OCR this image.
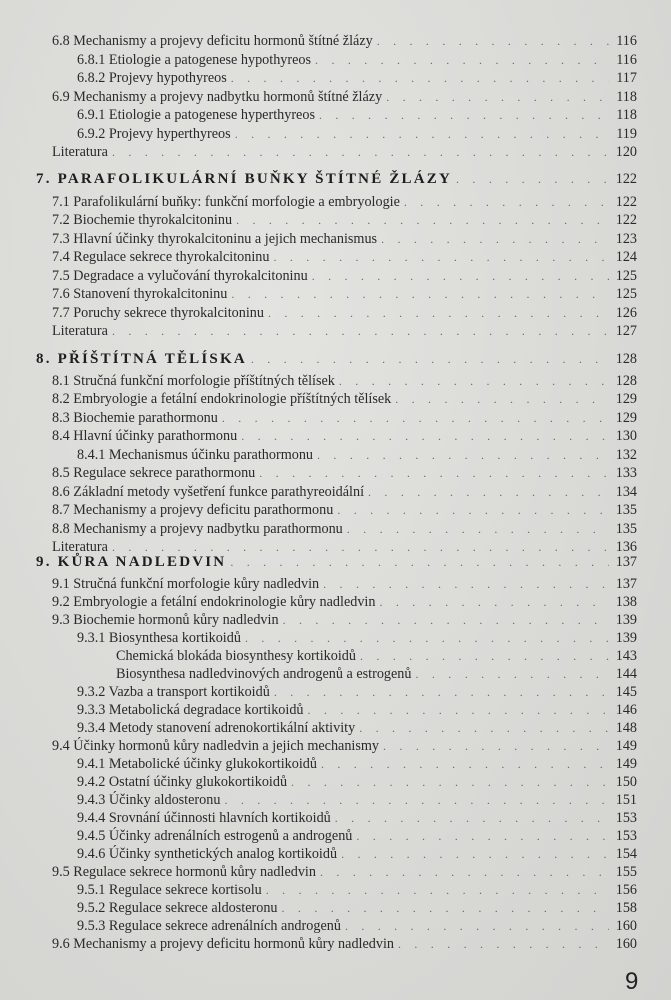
6.8 Mechanismy a projevy deficitu hormonů štítné žlázy . . .	116
6.8.1 Etiologie a patogenese hypothyreos . . .	116
6.8.2 Projevy hypothyreos . . .	117
6.9 Mechanismy a projevy nadbytku hormonů štítné žlázy . . .	118
6.9.1 Etiologie a patogenese hyperthyreos . . .	118
6.9.2 Projevy hyperthyreos . . .	119
Literatura . . .	120
7. PARAFOLIKULÁRNÍ BUŇKY ŠTÍTNÉ ŽLÁZY . . .	122
7.1 Parafolikulární buňky: funkční morfologie a embryologie . . .	122
7.2 Biochemie thyrokalcitoninu . . .	122
7.3 Hlavní účinky thyrokalcitoninu a jejich mechanismus . . .	123
7.4 Regulace sekrece thyrokalcitoninu . . .	124
7.5 Degradace a vylučování thyrokalcitoninu . . .	125
7.6 Stanovení thyrokalcitoninu . . .	125
7.7 Poruchy sekrece thyrokalcitoninu . . .	126
Literatura . . .	127
8. PŘÍŠTÍTNÁ TĚLÍSKA . . .	128
8.1 Stručná funkční morfologie příštítných tělísek . . .	128
8.2 Embryologie a fetální endokrinologie příštítných tělísek . . .	129
8.3 Biochemie parathormonu . . .	129
8.4 Hlavní účinky parathormonu . . .	130
8.4.1 Mechanismus účinku parathormonu . . .	132
8.5 Regulace sekrece parathormonu . . .	133
8.6 Základní metody vyšetření funkce parathyreoidální . . .	134
8.7 Mechanismy a projevy deficitu parathormonu . . .	135
8.8 Mechanismy a projevy nadbytku parathormonu . . .	135
Literatura . . .	136
9. KŮRA NADLEDVIN . . .	137
9.1 Stručná funkční morfologie kůry nadledvin . . .	137
9.2 Embryologie a fetální endokrinologie kůry nadledvin . . .	138
9.3 Biochemie hormonů kůry nadledvin . . .	139
9.3.1 Biosynthesa kortikoidů . . .	139
Chemická blokáda biosynthesy kortikoidů . . .	143
Biosynthesa nadledvinových androgenů a estrogenů . . .	144
9.3.2 Vazba a transport kortikoidů . . .	145
9.3.3 Metabolická degradace kortikoidů . . .	146
9.3.4 Metody stanovení adrenokortikální aktivity . . .	148
9.4 Účinky hormonů kůry nadledvin a jejich mechanismy . . .	149
9.4.1 Metabolické účinky glukokortikoidů . . .	149
9.4.2 Ostatní účinky glukokortikoidů . . .	150
9.4.3 Účinky aldosteronu . . .	151
9.4.4 Srovnání účinnosti hlavních kortikoidů . . .	153
9.4.5 Účinky adrenálních estrogenů a androgenů . . .	153
9.4.6 Účinky synthetických analog kortikoidů . . .	154
9.5 Regulace sekrece hormonů kůry nadledvin . . .	155
9.5.1 Regulace sekrece kortisolu . . .	156
9.5.2 Regulace sekrece aldosteronu . . .	158
9.5.3 Regulace sekrece adrenálních androgenů . . .	160
9.6 Mechanismy a projevy deficitu hormonů kůry nadledvin . . .	160
9
